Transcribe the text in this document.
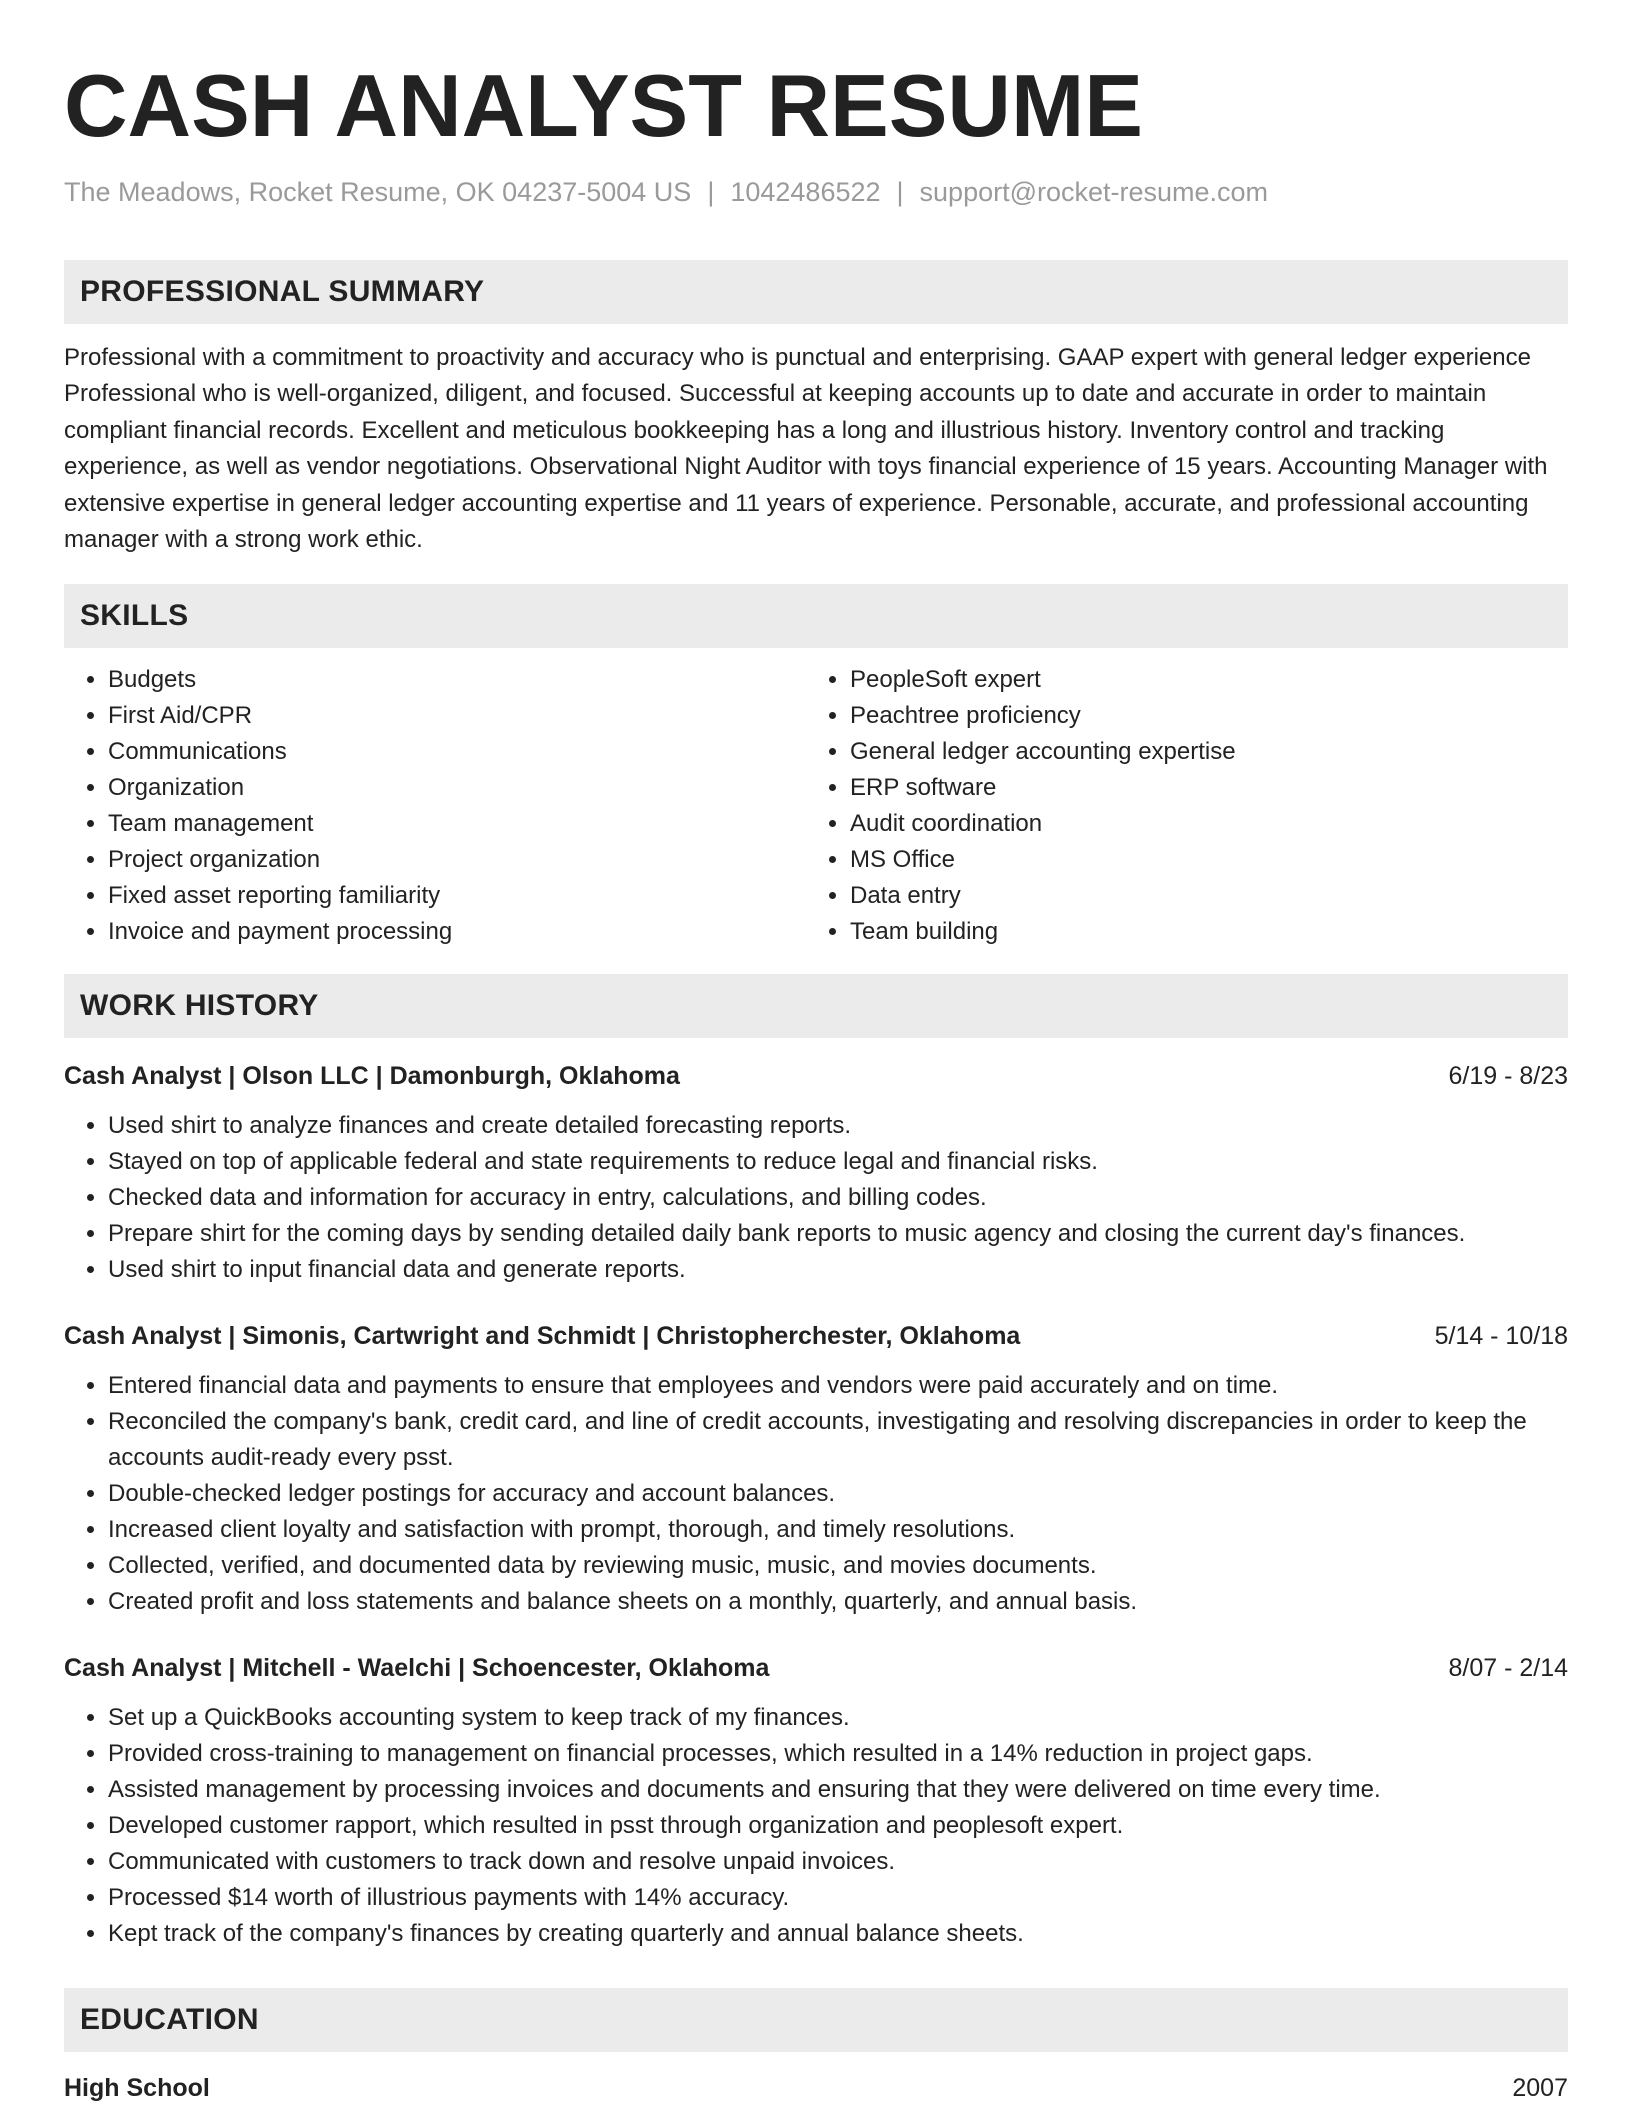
CASH ANALYST RESUME
The Meadows, Rocket Resume, OK 04237-5004 US | 1042486522 | support@rocket-resume.com
PROFESSIONAL SUMMARY

Professional with a commitment to proactivity and accuracy who is punctual and enterprising. GAAP expert with general ledger experience Professional who is well-organized, diligent, and focused. Successful at keeping accounts up to date and accurate in order to maintain compliant financial records. Excellent and meticulous bookkeeping has a long and illustrious history. Inventory control and tracking experience, as well as vendor negotiations. Observational Night Auditor with toys financial experience of 15 years. Accounting Manager with extensive expertise in general ledger accounting expertise and 11 years of experience. Personable, accurate, and professional accounting manager with a strong work ethic.

SKILLS
• Budgets
• First Aid/CPR
• Communications
• Organization
• Team management
• Project organization
• Fixed asset reporting familiarity
• Invoice and payment processing
• PeopleSoft expert
• Peachtree proficiency
• General ledger accounting expertise
• ERP software
• Audit coordination
• MS Office
• Data entry
• Team building
WORK HISTORY
Cash Analyst | Olson LLC | Damonburgh, Oklahoma	6/19 - 8/23
• Used shirt to analyze finances and create detailed forecasting reports.
• Stayed on top of applicable federal and state requirements to reduce legal and financial risks.
• Checked data and information for accuracy in entry, calculations, and billing codes.
• Prepare shirt for the coming days by sending detailed daily bank reports to music agency and closing the current day's finances.
• Used shirt to input financial data and generate reports.
Cash Analyst | Simonis, Cartwright and Schmidt | Christopherchester, Oklahoma	5/14 - 10/18
• Entered financial data and payments to ensure that employees and vendors were paid accurately and on time.
• Reconciled the company's bank, credit card, and line of credit accounts, investigating and resolving discrepancies in order to keep the accounts audit-ready every psst.
• Double-checked ledger postings for accuracy and account balances.
• Increased client loyalty and satisfaction with prompt, thorough, and timely resolutions.
• Collected, verified, and documented data by reviewing music, music, and movies documents.
• Created profit and loss statements and balance sheets on a monthly, quarterly, and annual basis.
Cash Analyst | Mitchell - Waelchi | Schoencester, Oklahoma	8/07 - 2/14
• Set up a QuickBooks accounting system to keep track of my finances.
• Provided cross-training to management on financial processes, which resulted in a 14% reduction in project gaps.
• Assisted management by processing invoices and documents and ensuring that they were delivered on time every time.
• Developed customer rapport, which resulted in psst through organization and peoplesoft expert.
• Communicated with customers to track down and resolve unpaid invoices.
• Processed $14 worth of illustrious payments with 14% accuracy.
• Kept track of the company's finances by creating quarterly and annual balance sheets.
EDUCATION
High School	2007
